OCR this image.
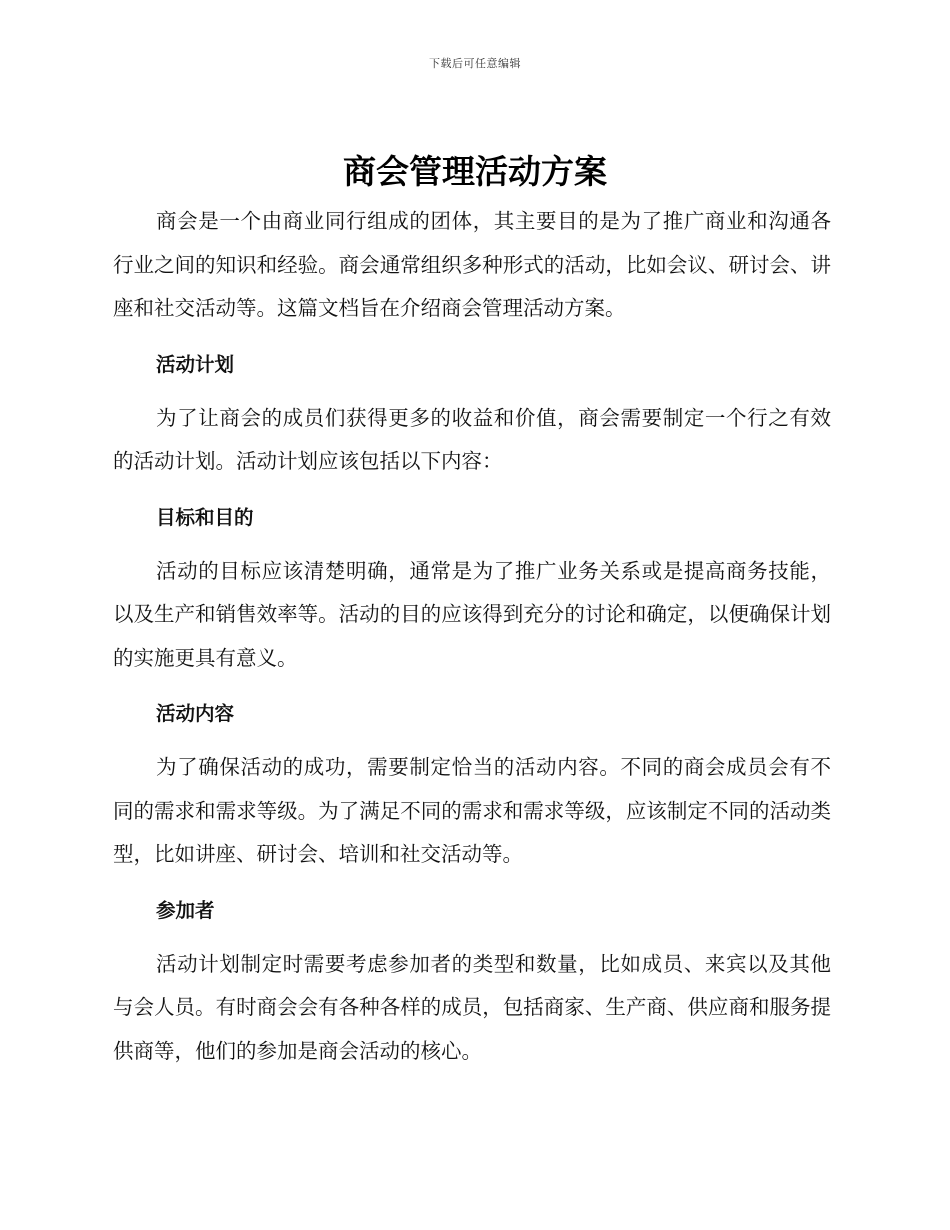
下载后可任意编辑
商会管理活动方案

商会是一个由商业同行组成的团体，其主要目的是为了推广商业和沟通各行业之间的知识和经验。商会通常组织多种形式的活动，比如会议、研讨会、讲座和社交活动等。这篇文档旨在介绍商会管理活动方案。

活动计划

为了让商会的成员们获得更多的收益和价值，商会需要制定一个行之有效的活动计划。活动计划应该包括以下内容：

目标和目的

活动的目标应该清楚明确，通常是为了推广业务关系或是提高商务技能，以及生产和销售效率等。活动的目的应该得到充分的讨论和确定，以便确保计划的实施更具有意义。

活动内容

为了确保活动的成功，需要制定恰当的活动内容。不同的商会成员会有不同的需求和需求等级。为了满足不同的需求和需求等级，应该制定不同的活动类型，比如讲座、研讨会、培训和社交活动等。

参加者

活动计划制定时需要考虑参加者的类型和数量，比如成员、来宾以及其他与会人员。有时商会会有各种各样的成员，包括商家、生产商、供应商和服务提供商等，他们的参加是商会活动的核心。
